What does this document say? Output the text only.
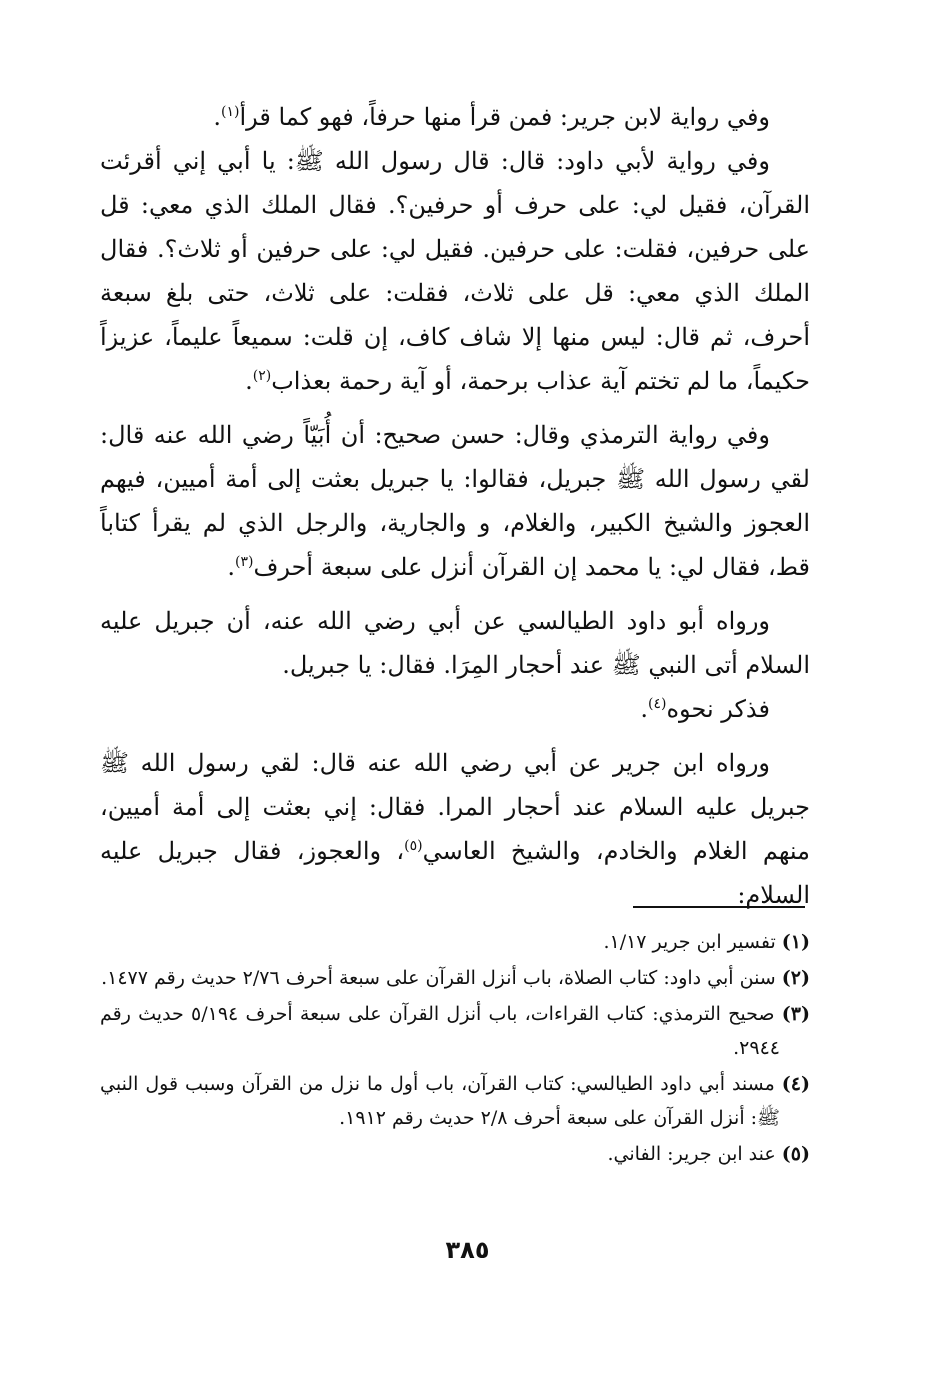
وفي رواية لابن جرير: فمن قرأ منها حرفاً، فهو كما قرأ$^{(١)}$.

وفي رواية لأبي داود: قال: قال رسول الله ﷺ: يا أبي إني أقرئت القرآن، فقيل لي: على حرف أو حرفين؟. فقال الملك الذي معي: قل على حرفين، فقلت: على حرفين. فقيل لي: على حرفين أو ثلاث؟. فقال الملك الذي معي: قل على ثلاث، فقلت: على ثلاث، حتى بلغ سبعة أحرف، ثم قال: ليس منها إلا شاف كاف، إن قلت: سميعاً عليماً، عزيزاً حكيماً، ما لم تختم آية عذاب برحمة، أو آية رحمة بعذاب$^{(٢)}$.

وفي رواية الترمذي وقال: حسن صحيح: أن أُبَيّاً رضي الله عنه قال: لقي رسول الله ﷺ جبريل، فقالوا: يا جبريل بعثت إلى أمة أميين، فيهم العجوز والشيخ الكبير، والغلام، و والجارية، والرجل الذي لم يقرأ كتاباً قط، فقال لي: يا محمد إن القرآن أنزل على سبعة أحرف$^{(٣)}$.

ورواه أبو داود الطيالسي عن أبي رضي الله عنه، أن جبريل عليه السلام أتى النبي ﷺ عند أحجار المِرَا. فقال: يا جبريل.

فذكر نحوه$^{(٤)}$.

ورواه ابن جرير عن أبي رضي الله عنه قال: لقي رسول الله ﷺ جبريل عليه السلام عند أحجار المرا. فقال: إني بعثت إلى أمة أميين، منهم الغلام والخادم، والشيخ العاسي$^{(٥)}$، والعجوز، فقال جبريل عليه السلام:

(١) تفسير ابن جرير ١/١٧.

(٢) سنن أبي داود: كتاب الصلاة، باب أنزل القرآن على سبعة أحرف ٢/٧٦ حديث رقم ١٤٧٧.

(٣) صحيح الترمذي: كتاب القراءات، باب أنزل القرآن على سبعة أحرف ٥/١٩٤ حديث رقم ٢٩٤٤.

(٤) مسند أبي داود الطيالسي: كتاب القرآن، باب أول ما نزل من القرآن وسبب قول النبي ﷺ: أنزل القرآن على سبعة أحرف ٢/٨ حديث رقم ١٩١٢.

(٥) عند ابن جرير: الفاني.

٣٨٥
